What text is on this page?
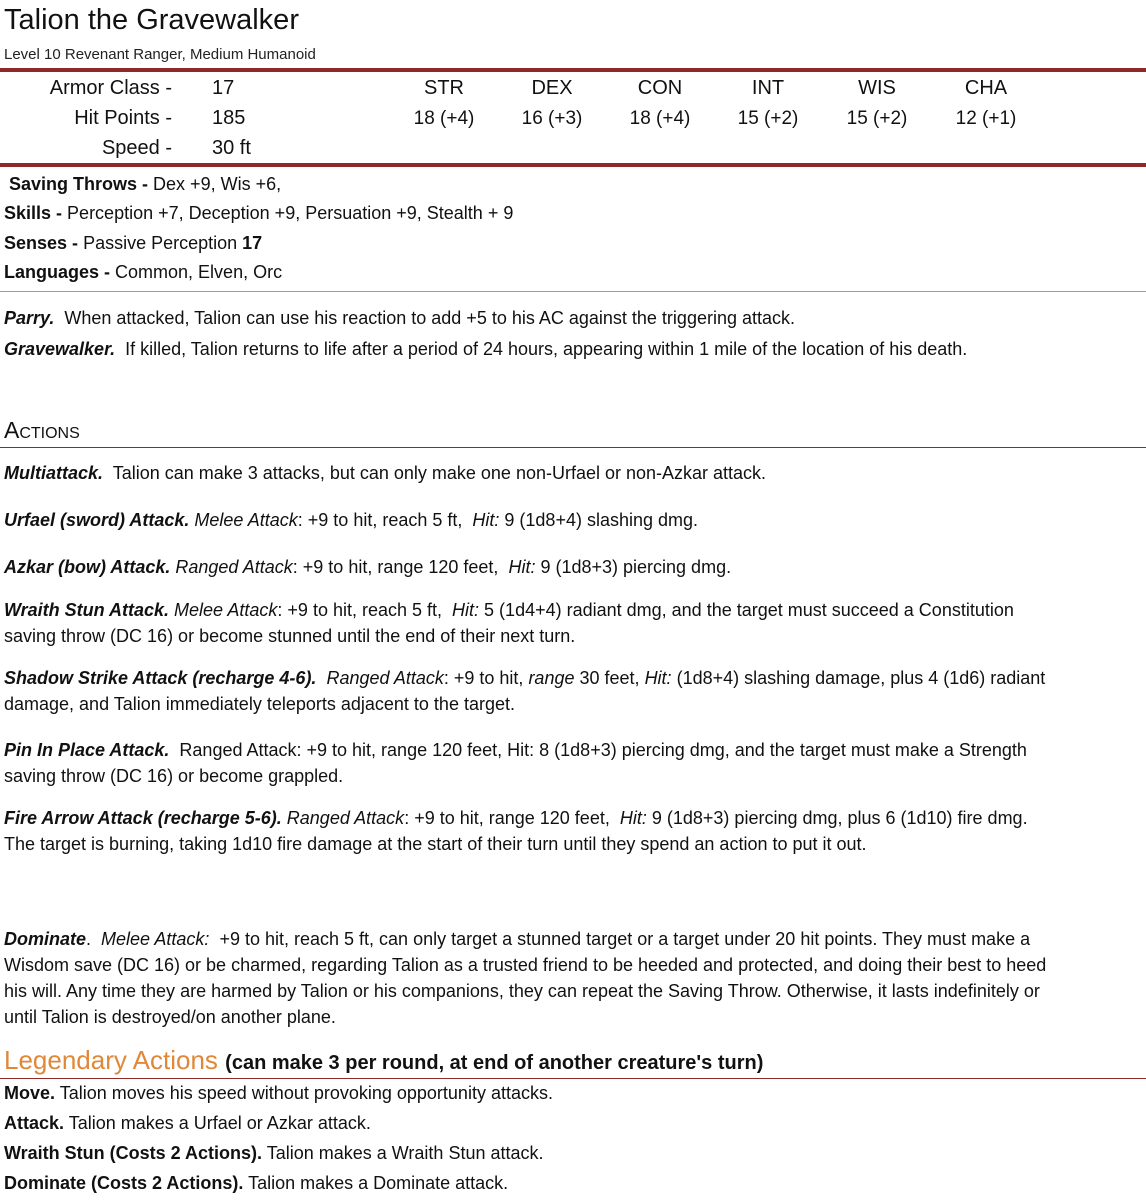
Talion the Gravewalker
Level 10 Revenant Ranger, Medium Humanoid
Armor Class - 17
Hit Points - 185
Speed - 30 ft
STR
18 (+4)
DEX
16 (+3)
CON
18 (+4)
INT
15 (+2)
WIS
15 (+2)
CHA
12 (+1)
Saving Throws - Dex +9, Wis +6,
Skills - Perception +7, Deception +9, Persuation +9, Stealth + 9
Senses - Passive Perception 17
Languages - Common, Elven, Orc
Parry. When attacked, Talion can use his reaction to add +5 to his AC against the triggering attack.
Gravewalker. If killed, Talion returns to life after a period of 24 hours, appearing within 1 mile of the location of his death.
Actions
Multiattack. Talion can make 3 attacks, but can only make one non-Urfael or non-Azkar attack.
Urfael (sword) Attack. Melee Attack: +9 to hit, reach 5 ft, Hit: 9 (1d8+4) slashing dmg.
Azkar (bow) Attack. Ranged Attack: +9 to hit, range 120 feet, Hit: 9 (1d8+3) piercing dmg.
Wraith Stun Attack. Melee Attack: +9 to hit, reach 5 ft, Hit: 5 (1d4+4) radiant dmg, and the target must succeed a Constitution saving throw (DC 16) or become stunned until the end of their next turn.
Shadow Strike Attack (recharge 4-6). Ranged Attack: +9 to hit, range 30 feet, Hit: (1d8+4) slashing damage, plus 4 (1d6) radiant damage, and Talion immediately teleports adjacent to the target.
Pin In Place Attack. Ranged Attack: +9 to hit, range 120 feet, Hit: 8 (1d8+3) piercing dmg, and the target must make a Strength saving throw (DC 16) or become grappled.
Fire Arrow Attack (recharge 5-6). Ranged Attack: +9 to hit, range 120 feet, Hit: 9 (1d8+3) piercing dmg, plus 6 (1d10) fire dmg. The target is burning, taking 1d10 fire damage at the start of their turn until they spend an action to put it out.
Dominate. Melee Attack: +9 to hit, reach 5 ft, can only target a stunned target or a target under 20 hit points. They must make a Wisdom save (DC 16) or be charmed, regarding Talion as a trusted friend to be heeded and protected, and doing their best to heed his will. Any time they are harmed by Talion or his companions, they can repeat the Saving Throw. Otherwise, it lasts indefinitely or until Talion is destroyed/on another plane.
Legendary Actions (can make 3 per round, at end of another creature's turn)
Move. Talion moves his speed without provoking opportunity attacks.
Attack. Talion makes a Urfael or Azkar attack.
Wraith Stun (Costs 2 Actions). Talion makes a Wraith Stun attack.
Dominate (Costs 2 Actions). Talion makes a Dominate attack.
